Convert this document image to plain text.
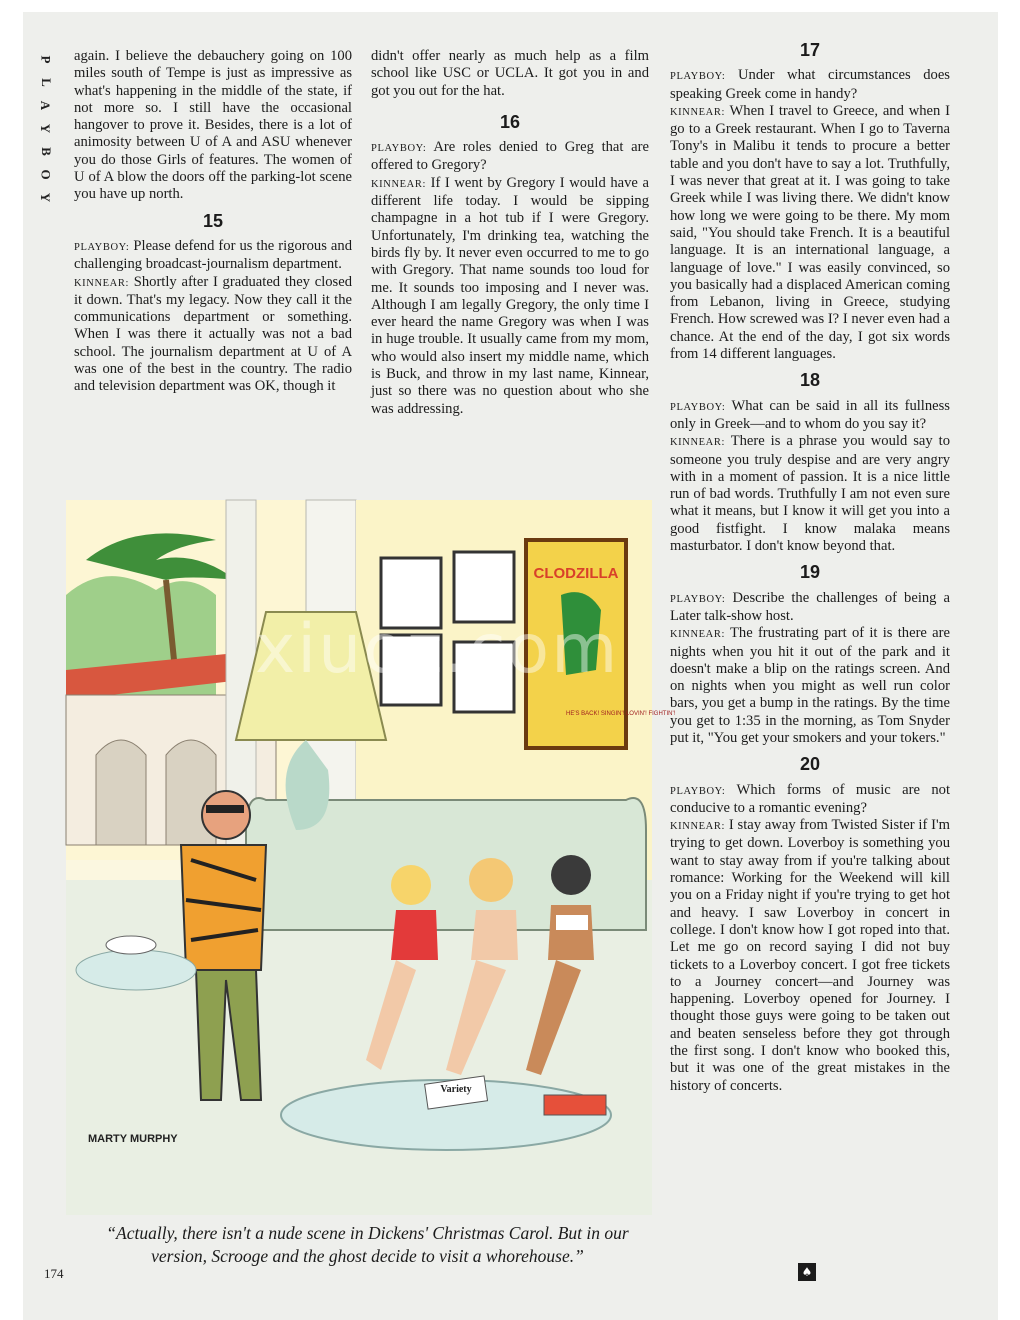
P
L
A
Y
B
O
Y

again. I believe the debauchery going on 100 miles south of Tempe is just as impressive as what's happening in the middle of the state, if not more so. I still have the occasional hangover to prove it. Besides, there is a lot of animosity between U of A and ASU whenever you do those Girls of features. The women of U of A blow the doors off the parking-lot scene you have up north.

15

PLAYBOY: Please defend for us the rigorous and challenging broadcast-journalism department.

KINNEAR: Shortly after I graduated they closed it down. That's my legacy. Now they call it the communications department or something. When I was there it actually was not a bad school. The journalism department at U of A was one of the best in the country. The radio and television department was OK, though it

didn't offer nearly as much help as a film school like USC or UCLA. It got you in and got you out for the hat.

16

PLAYBOY: Are roles denied to Greg that are offered to Gregory?

KINNEAR: If I went by Gregory I would have a different life today. I would be sipping champagne in a hot tub if I were Gregory. Unfortunately, I'm drinking tea, watching the birds fly by. It never even occurred to me to go with Gregory. That name sounds too loud for me. It sounds too imposing and I never was. Although I am legally Gregory, the only time I ever heard the name Gregory was when I was in huge trouble. It usually came from my mom, who would also insert my middle name, which is Buck, and throw in my last name, Kinnear, just so there was no question about who she was addressing.

17

PLAYBOY: Under what circumstances does speaking Greek come in handy?

KINNEAR: When I travel to Greece, and when I go to a Greek restaurant. When I go to Taverna Tony's in Malibu it tends to procure a better table and you don't have to say a lot. Truthfully, I was never that great at it. I was going to take Greek while I was living there. We didn't know how long we were going to be there. My mom said, "You should take French. It is a beautiful language. It is an international language, a language of love." I was easily convinced, so you basically had a displaced American coming from Lebanon, living in Greece, studying French. How screwed was I? I never even had a chance. At the end of the day, I got six words from 14 different languages.

18

PLAYBOY: What can be said in all its fullness only in Greek—and to whom do you say it?

KINNEAR: There is a phrase you would say to someone you truly despise and are very angry with in a moment of passion. It is a nice little run of bad words. Truthfully I am not even sure what it means, but I know it will get you into a good fistfight. I know malaka means masturbator. I don't know beyond that.

19

PLAYBOY: Describe the challenges of being a Later talk-show host.

KINNEAR: The frustrating part of it is there are nights when you hit it out of the park and it doesn't make a blip on the ratings screen. And on nights when you might as well run color bars, you get a bump in the ratings. By the time you get to 1:35 in the morning, as Tom Snyder put it, "You get your smokers and your tokers."

20

PLAYBOY: Which forms of music are not conducive to a romantic evening?

KINNEAR: I stay away from Twisted Sister if I'm trying to get down. Loverboy is something you want to stay away from if you're talking about romance: Working for the Weekend will kill you on a Friday night if you're trying to get hot and heavy. I saw Loverboy in concert in college. I don't know how I got roped into that. Let me go on record saying I did not buy tickets to a Loverboy concert. I got free tickets to a Journey concert—and Journey was happening. Loverboy opened for Journey. I thought those guys were going to be taken out and beaten senseless before they got through the first song. I don't know who booked this, but it was one of the great mistakes in the history of concerts.

CLODZILLA
HE'S BACK! SINGIN'! LOVIN'! FIGHTIN'!
Variety
MARTY MURPHY
xiuoz.com
“Actually, there isn't a nude scene in Dickens' Christmas Carol. But in our version, Scrooge and the ghost decide to visit a whorehouse.”
174	♠
